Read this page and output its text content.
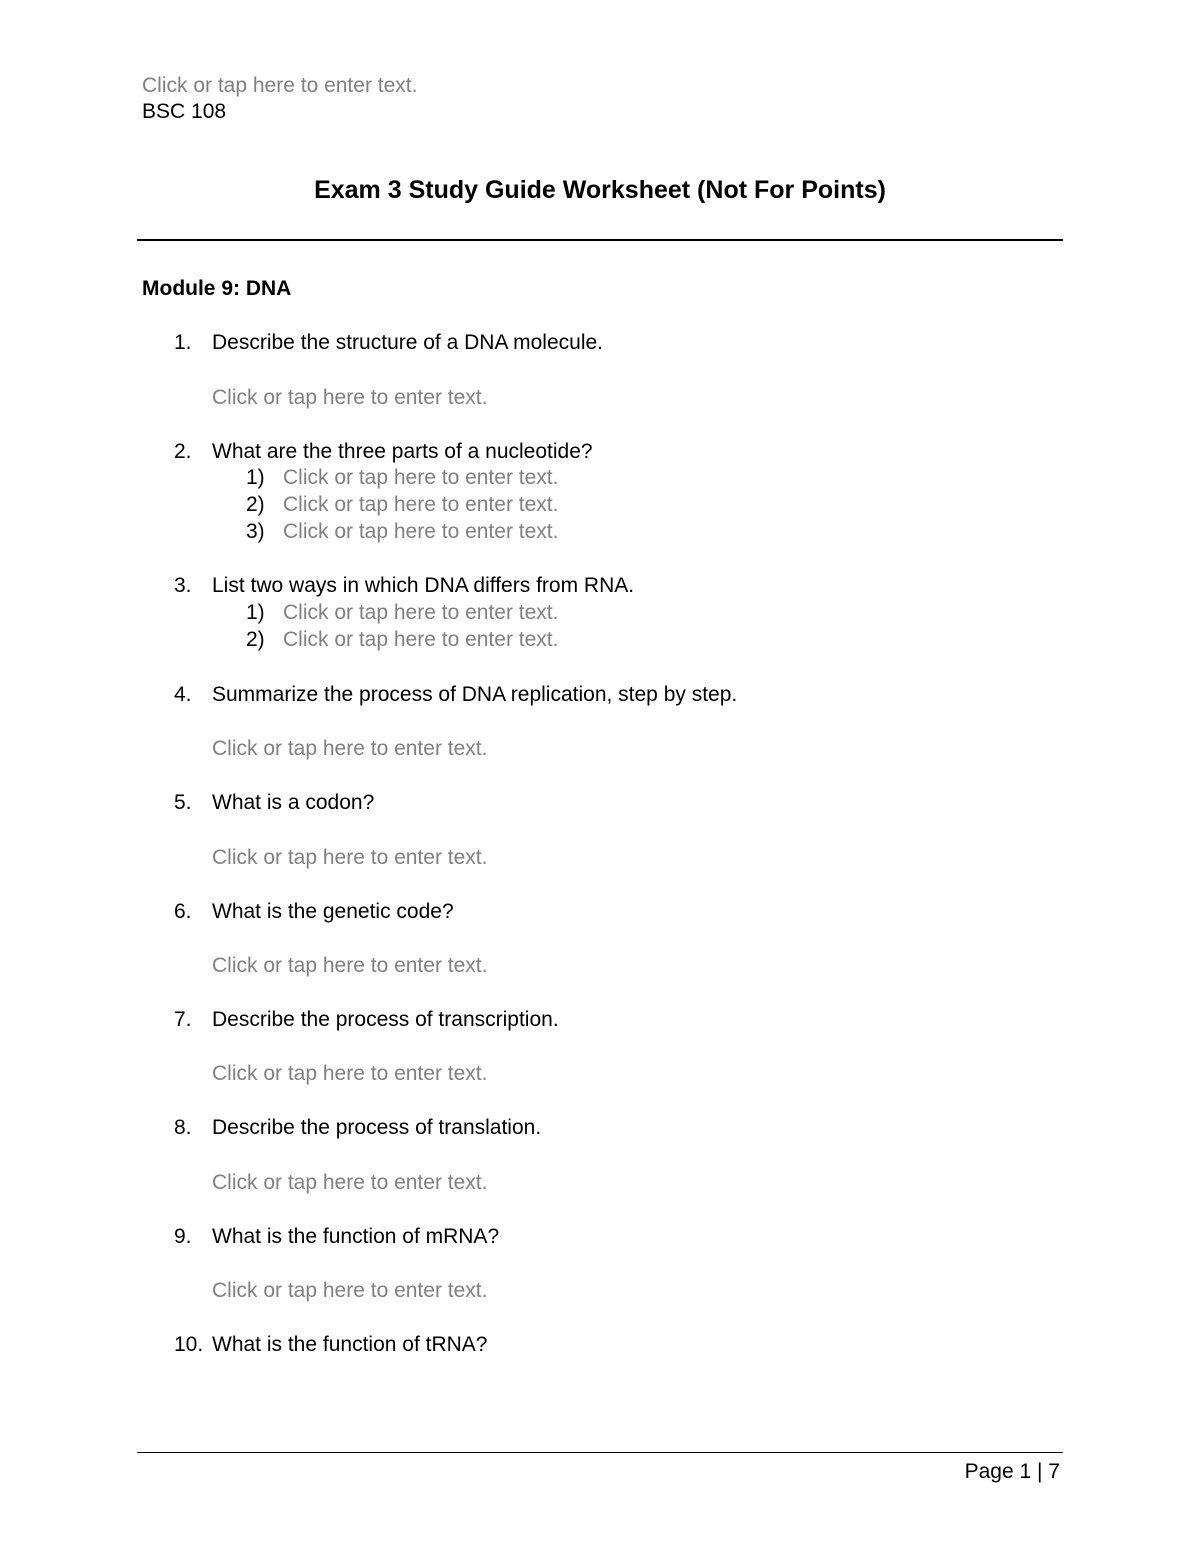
Click or tap here to enter text.
BSC 108
Exam 3 Study Guide Worksheet (Not For Points)
Module 9: DNA
1. Describe the structure of a DNA molecule.
Click or tap here to enter text.
2. What are the three parts of a nucleotide?
1) Click or tap here to enter text.
2) Click or tap here to enter text.
3) Click or tap here to enter text.
3. List two ways in which DNA differs from RNA.
1) Click or tap here to enter text.
2) Click or tap here to enter text.
4. Summarize the process of DNA replication, step by step.
Click or tap here to enter text.
5. What is a codon?
Click or tap here to enter text.
6. What is the genetic code?
Click or tap here to enter text.
7. Describe the process of transcription.
Click or tap here to enter text.
8. Describe the process of translation.
Click or tap here to enter text.
9. What is the function of mRNA?
Click or tap here to enter text.
10. What is the function of tRNA?
Page 1 | 7
